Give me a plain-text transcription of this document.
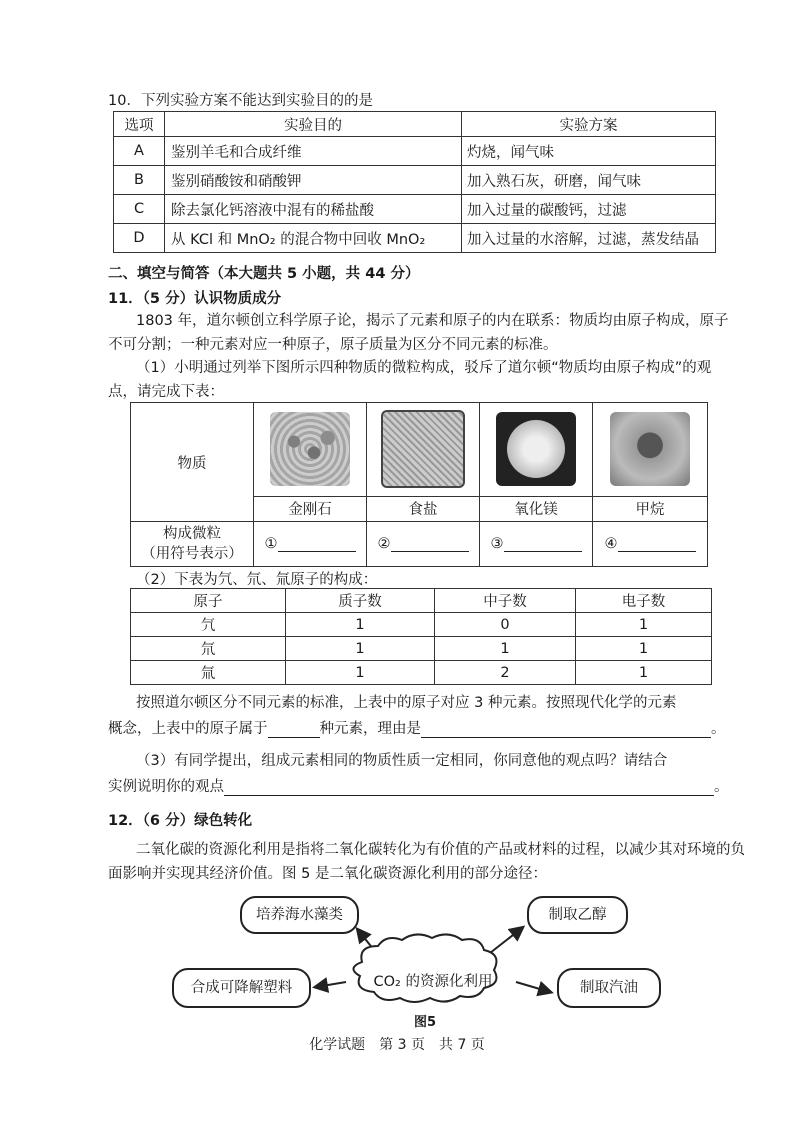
10．下列实验方案不能达到实验目的的是
选项	实验目的	实验方案
A	鉴别羊毛和合成纤维	灼烧，闻气味
B	鉴别硝酸铵和硝酸钾	加入熟石灰，研磨，闻气味
C	除去氯化钙溶液中混有的稀盐酸	加入过量的碳酸钙，过滤
D	从 KCl 和 MnO₂ 的混合物中回收 MnO₂	加入过量的水溶解，过滤，蒸发结晶
二、填空与简答（本大题共 5 小题，共 44 分）
11．（5 分）认识物质成分
1803 年，道尔顿创立科学原子论，揭示了元素和原子的内在联系：物质均由原子构成，原子不可分割；一种元素对应一种原子，原子质量为区分不同元素的标准。
（1）小明通过列举下图所示四种物质的微粒构成，驳斥了道尔顿“物质均由原子构成”的观点，请完成下表：
物质	

	金刚石	食盐	氧化镁	甲烷
构成微粒
（用符号表示）	①	②	③	④
（2）下表为氕、氘、氚原子的构成：
原子	质子数	中子数	电子数
氕	1	0	1
氘	1	1	1
氚	1	2	1
按照道尔顿区分不同元素的标准，上表中的原子对应 3 种元素。按照现代化学的元素
概念，上表中的原子属于	种元素，理由是	。
（3）有同学提出，组成元素相同的物质性质一定相同，你同意他的观点吗？请结合
实例说明你的观点	。
12．（6 分）绿色转化
二氧化碳的资源化利用是指将二氧化碳转化为有价值的产品或材料的过程，以减少其对环境的负面影响并实现其经济价值。图 5 是二氧化碳资源化利用的部分途径：
CO₂ 的资源化利用
培养海水藻类	制取乙醇
合成可降解塑料	制取汽油
图5
化学试题　第 3 页　共 7 页
